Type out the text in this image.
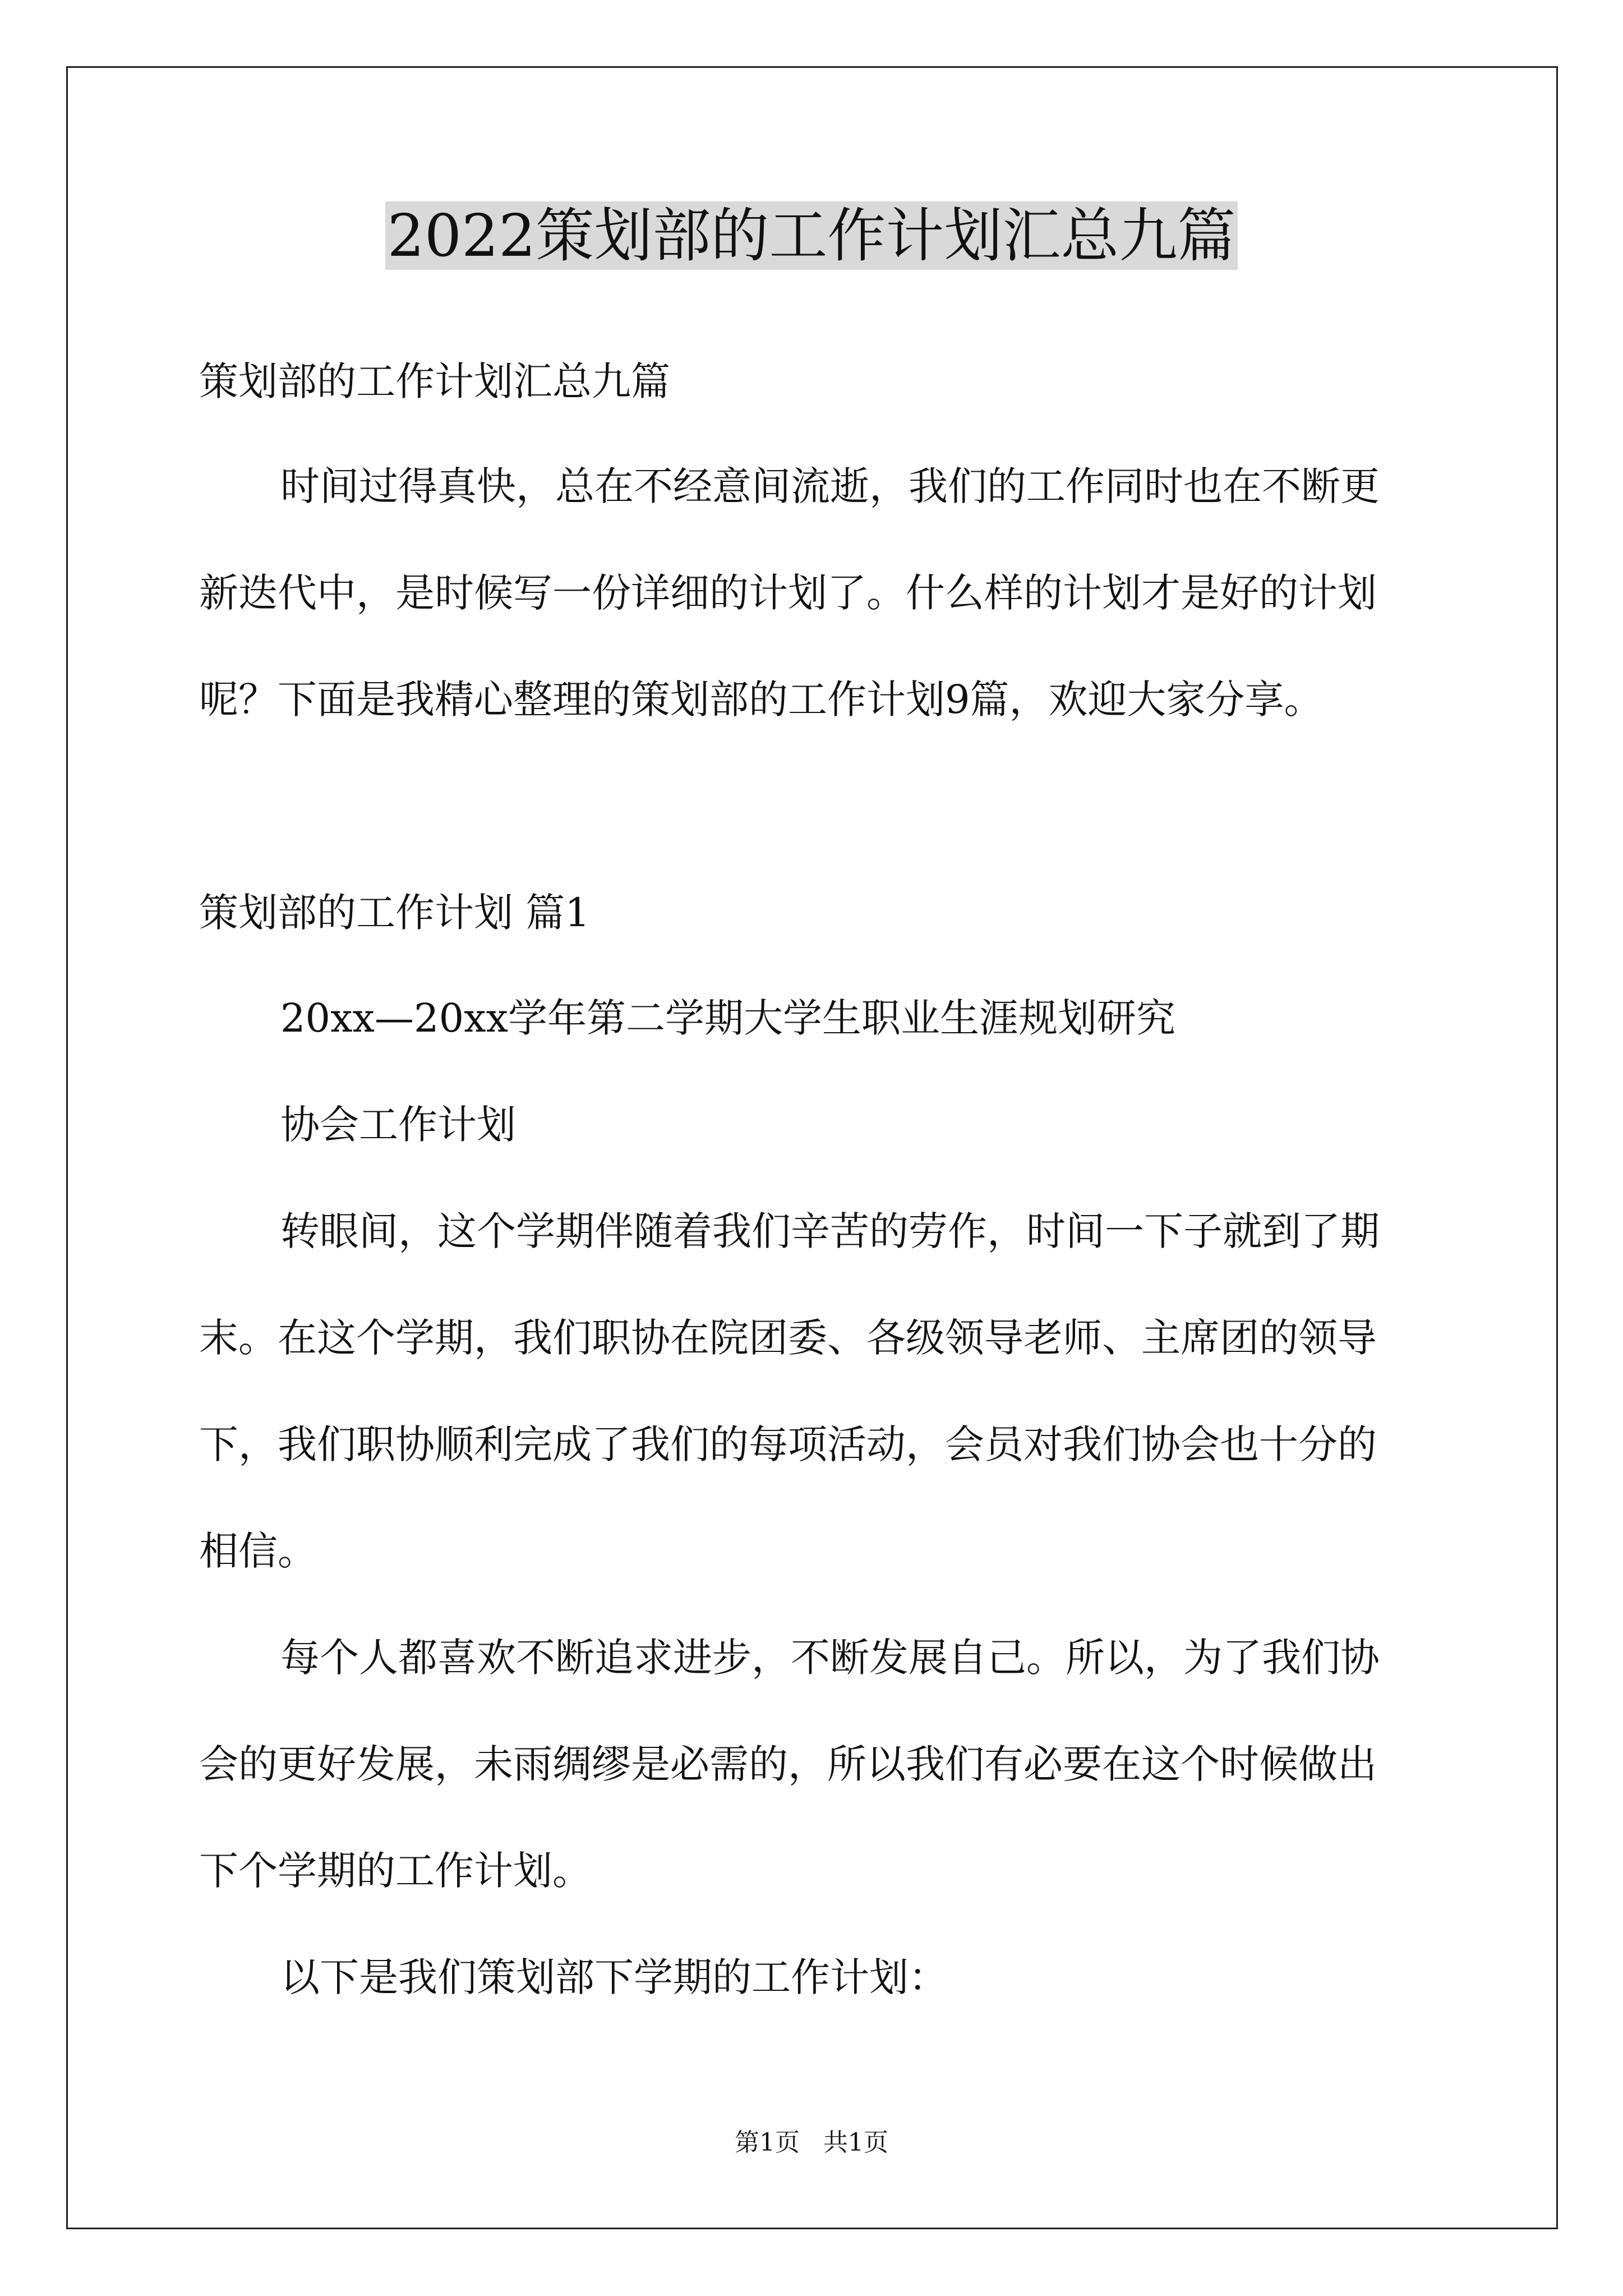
2022策划部的工作计划汇总九篇

策划部的工作计划汇总九篇

时间过得真快，总在不经意间流逝，我们的工作同时也在不断更

新迭代中，是时候写一份详细的计划了。什么样的计划才是好的计划

呢？下面是我精心整理的策划部的工作计划9篇，欢迎大家分享。

策划部的工作计划 篇1

20xx—20xx学年第二学期大学生职业生涯规划研究

协会工作计划

转眼间，这个学期伴随着我们辛苦的劳作，时间一下子就到了期

末。在这个学期，我们职协在院团委、各级领导老师、主席团的领导

下，我们职协顺利完成了我们的每项活动，会员对我们协会也十分的

相信。

每个人都喜欢不断追求进步，不断发展自己。所以，为了我们协

会的更好发展，未雨绸缪是必需的，所以我们有必要在这个时候做出

下个学期的工作计划。

以下是我们策划部下学期的工作计划：

第1页   共1页
